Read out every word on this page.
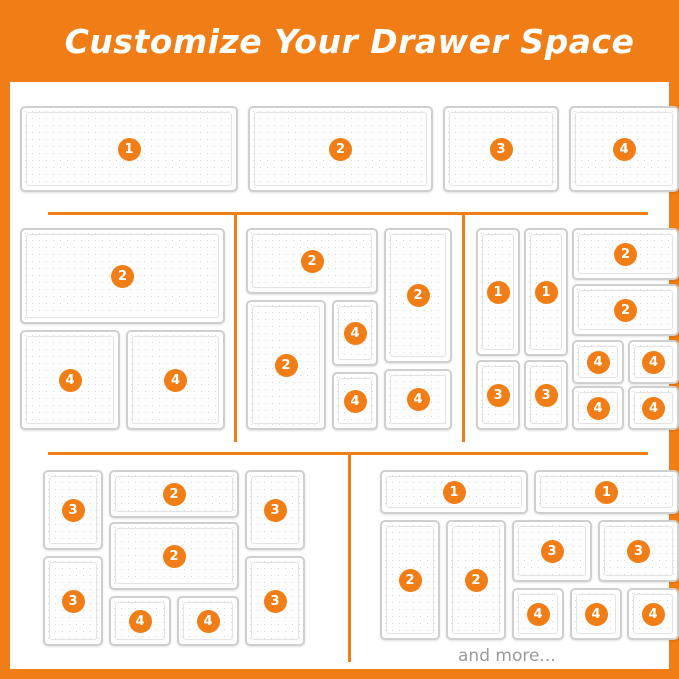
Customize Your Drawer Space
and more...
1	2	3	4
2
4	4
2
2
2
4
4	4
1	1
2
2
3	3
4	4
4	4
3
2
3
2
3	3
4	4
1	1
2	2
3	3
4	4	4
